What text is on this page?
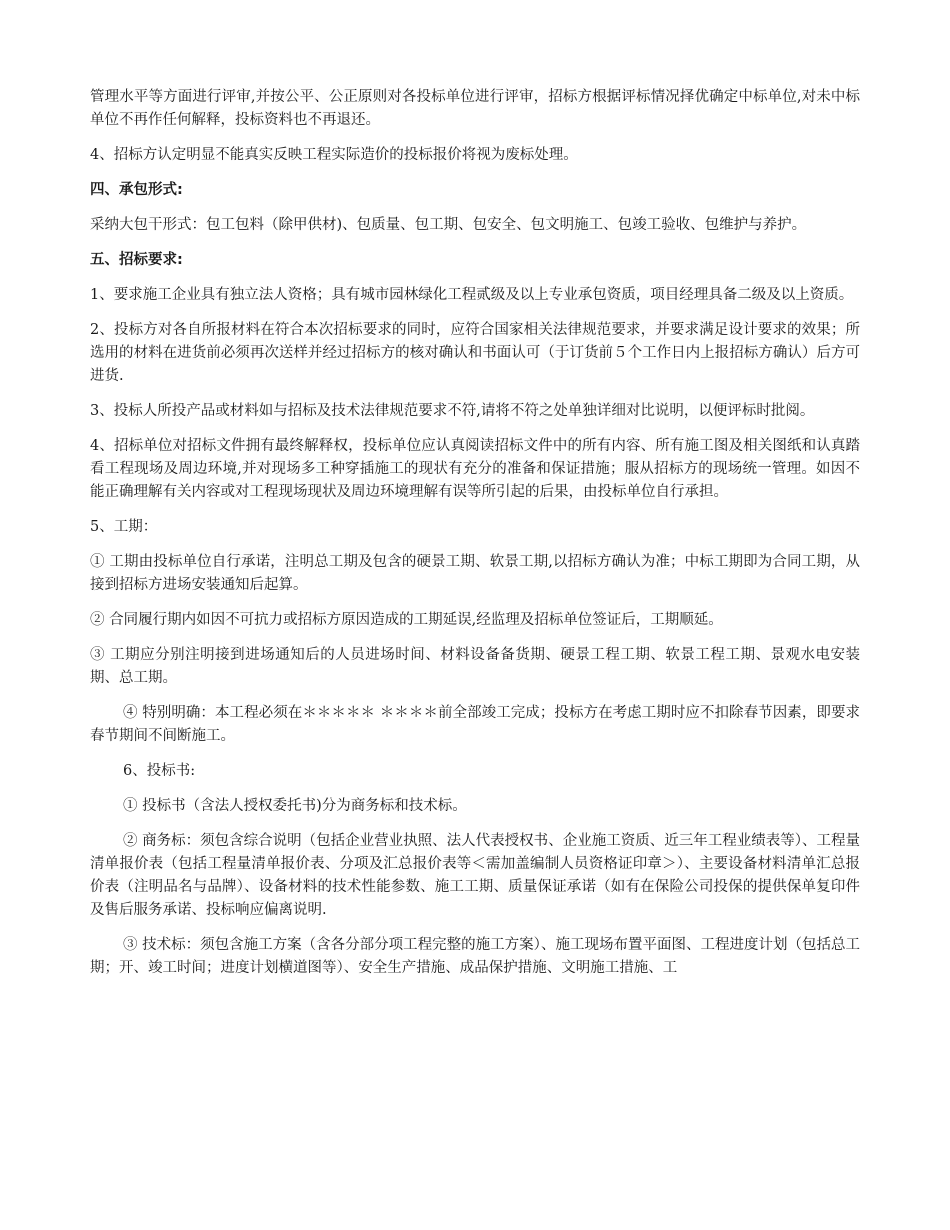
管理水平等方面进行评审,并按公平、公正原则对各投标单位进行评审，招标方根据评标情况择优确定中标单位,对未中标单位不再作任何解释，投标资料也不再退还。

4、招标方认定明显不能真实反映工程实际造价的投标报价将视为废标处理。

四、承包形式:

采纳大包干形式：包工包料（除甲供材)、包质量、包工期、包安全、包文明施工、包竣工验收、包维护与养护。

五、招标要求:

1、要求施工企业具有独立法人资格；具有城市园林绿化工程贰级及以上专业承包资质，项目经理具备二级及以上资质。

2、投标方对各自所报材料在符合本次招标要求的同时，应符合国家相关法律规范要求，并要求满足设计要求的效果；所选用的材料在进货前必须再次送样并经过招标方的核对确认和书面认可（于订货前５个工作日内上报招标方确认）后方可进货.

3、投标人所投产品或材料如与招标及技术法律规范要求不符,请将不符之处单独详细对比说明，以便评标时批阅。

4、招标单位对招标文件拥有最终解释权，投标单位应认真阅读招标文件中的所有内容、所有施工图及相关图纸和认真踏看工程现场及周边环境,并对现场多工种穿插施工的现状有充分的准备和保证措施；服从招标方的现场统一管理。如因不能正确理解有关内容或对工程现场现状及周边环境理解有误等所引起的后果，由投标单位自行承担。

5、工期：

① 工期由投标单位自行承诺，注明总工期及包含的硬景工期、软景工期,以招标方确认为准；中标工期即为合同工期，从接到招标方进场安装通知后起算。

② 合同履行期内如因不可抗力或招标方原因造成的工期延误,经监理及招标单位签证后，工期顺延。

③ 工期应分别注明接到进场通知后的人员进场时间、材料设备备货期、硬景工程工期、软景工程工期、景观水电安装期、总工期。

④ 特别明确：本工程必须在＊＊＊＊＊ ＊＊＊＊前全部竣工完成；投标方在考虑工期时应不扣除春节因素，即要求春节期间不间断施工。

6、投标书:

① 投标书（含法人授权委托书)分为商务标和技术标。

② 商务标：须包含综合说明（包括企业营业执照、法人代表授权书、企业施工资质、近三年工程业绩表等）、工程量清单报价表（包括工程量清单报价表、分项及汇总报价表等＜需加盖编制人员资格证印章＞）、主要设备材料清单汇总报价表（注明品名与品牌）、设备材料的技术性能参数、施工工期、质量保证承诺（如有在保险公司投保的提供保单复印件及售后服务承诺、投标响应偏离说明.

③ 技术标：须包含施工方案（含各分部分项工程完整的施工方案）、施工现场布置平面图、工程进度计划（包括总工期；开、竣工时间；进度计划横道图等）、安全生产措施、成品保护措施、文明施工措施、工
